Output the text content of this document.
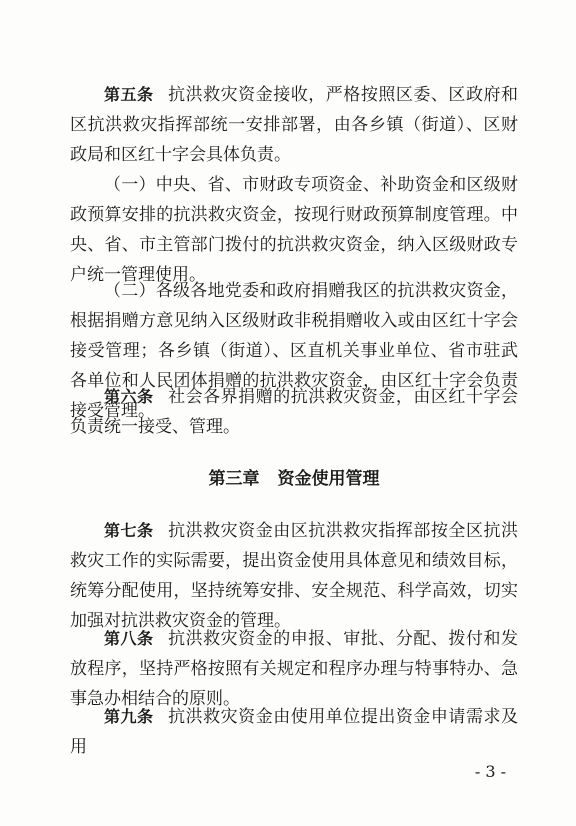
第五条 抗洪救灾资金接收，严格按照区委、区政府和区抗洪救灾指挥部统一安排部署，由各乡镇（街道）、区财政局和区红十字会具体负责。

（一）中央、省、市财政专项资金、补助资金和区级财政预算安排的抗洪救灾资金，按现行财政预算制度管理。中央、省、市主管部门拨付的抗洪救灾资金，纳入区级财政专户统一管理使用。

（二）各级各地党委和政府捐赠我区的抗洪救灾资金，根据捐赠方意见纳入区级财政非税捐赠收入或由区红十字会接受管理；各乡镇（街道）、区直机关事业单位、省市驻武各单位和人民团体捐赠的抗洪救灾资金，由区红十字会负责接受管理。

第六条 社会各界捐赠的抗洪救灾资金，由区红十字会负责统一接受、管理。

第三章 资金使用管理

第七条 抗洪救灾资金由区抗洪救灾指挥部按全区抗洪救灾工作的实际需要，提出资金使用具体意见和绩效目标，统筹分配使用，坚持统筹安排、安全规范、科学高效，切实加强对抗洪救灾资金的管理。

第八条 抗洪救灾资金的申报、审批、分配、拨付和发放程序，坚持严格按照有关规定和程序办理与特事特办、急事急办相结合的原则。

第九条 抗洪救灾资金由使用单位提出资金申请需求及用

- 3 -
